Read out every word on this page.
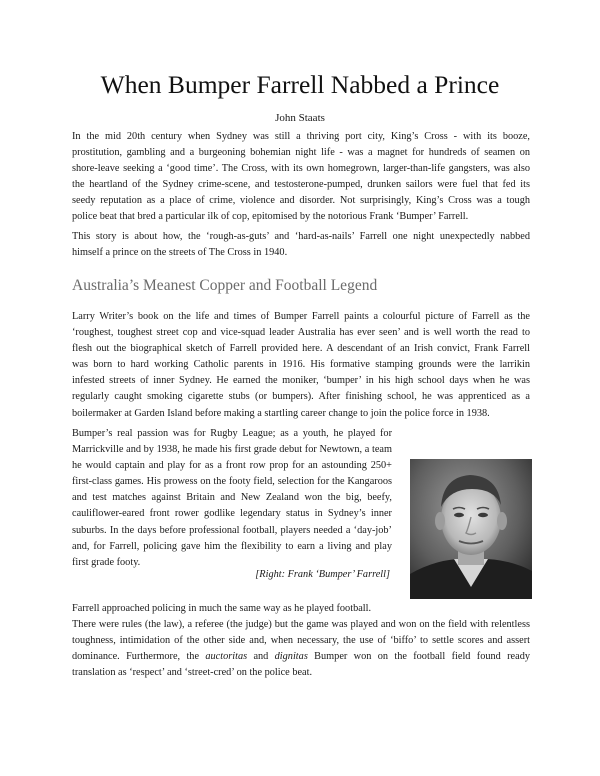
When Bumper Farrell Nabbed a Prince

John Staats

In the mid 20th century when Sydney was still a thriving port city, King’s Cross - with its booze,
prostitution, gambling and a burgeoning bohemian night life - was a magnet for hundreds of seamen on
shore-leave seeking a ‘good time’. The Cross, with its own homegrown, larger-than-life gangsters, was also
the heartland of the Sydney crime-scene, and testosterone-pumped, drunken sailors were fuel that fed its
seedy reputation as a place of crime, violence and disorder. Not surprisingly, King’s Cross was a tough
police beat that bred a particular ilk of cop, epitomised by the notorious Frank ‘Bumper’ Farrell.

This story is about how, the ‘rough-as-guts’ and ‘hard-as-nails’ Farrell one night unexpectedly nabbed
himself a prince on the streets of The Cross in 1940.

Australia’s Meanest Copper and Football Legend

Larry Writer’s book on the life and times of Bumper Farrell paints a colourful picture of Farrell as the
‘roughest, toughest street cop and vice-squad leader Australia has ever seen’ and is well worth the read to
flesh out the biographical sketch of Farrell provided here. A descendant of an Irish convict, Frank Farrell
was born to hard working Catholic parents in 1916. His formative stamping grounds were the larrikin
infested streets of inner Sydney. He earned the moniker, ‘bumper’ in his high school days when he was
regularly caught smoking cigarette stubs (or bumpers). After finishing school, he was apprenticed as a
boilermaker at Garden Island before making a startling career change to join the police force in 1938.

Bumper’s real passion was for Rugby League; as a youth, he played for
Marrickville and by 1938, he made his first grade debut for Newtown, a team
he would captain and play for as a front row prop for an astounding 250+
first-class games. His prowess on the footy field, selection for the Kangaroos
and test matches against Britain and New Zealand won the big, beefy,
cauliflower-eared front rower godlike legendary status in Sydney’s inner
suburbs. In the days before professional football, players needed a ‘day-job’
and, for Farrell, policing gave him the flexibility to earn a living and play
first grade footy.

[Right: Frank ‘Bumper’ Farrell]

Farrell approached policing in much the same way as he played football.
There were rules (the law), a referee (the judge) but the game was played and won on the field with relentless
toughness, intimidation of the other side and, when necessary, the use of ‘biffo’ to settle scores and assert
dominance. Furthermore, the auctoritas and dignitas Bumper won on the football field found ready
translation as ‘respect’ and ‘street-cred’ on the police beat.
